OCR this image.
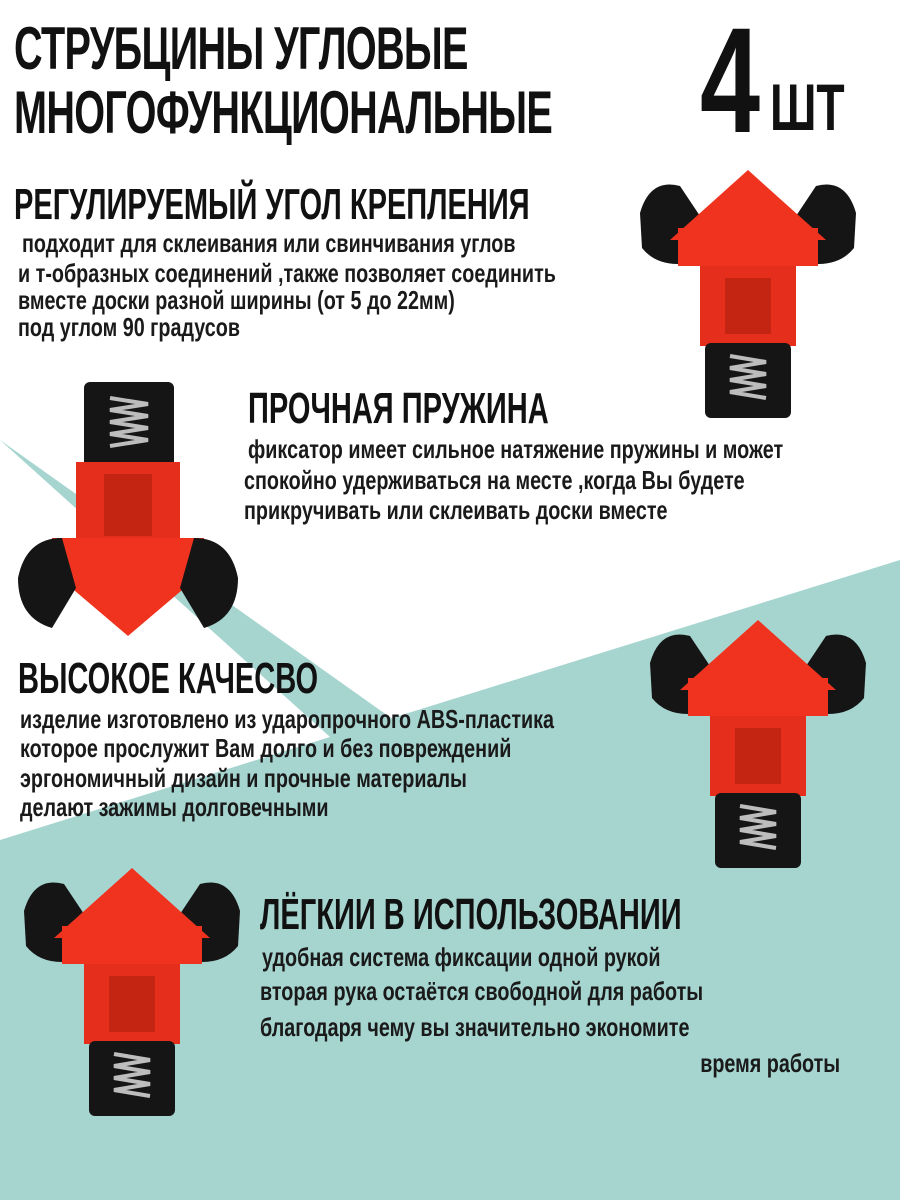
СТРУБЦИНЫ УГЛОВЫЕ
МНОГОФУНКЦИОНАЛЬНЫЕ 4 ШТ
РЕГУЛИРУЕМЫЙ УГОЛ КРЕПЛЕНИЯ
подходит для склеивания или свинчивания углов
и т-образных соединений ,также позволяет соединить
вместе доски разной ширины (от 5 до 22мм)
под углом 90 градусов
ПРОЧНАЯ ПРУЖИНА
фиксатор имеет сильное натяжение пружины и может
спокойно удерживаться на месте ,когда Вы будете
прикручивать или склеивать доски вместе
ВЫСОКОЕ КАЧЕСВО
изделие изготовлено из ударопрочного ABS-пластика
которое прослужит Вам долго и без повреждений
эргономичный дизайн и прочные материалы
делают зажимы долговечными
ЛЁГКИИ В ИСПОЛЬЗОВАНИИ
удобная система фиксации одной рукой
вторая рука остаётся свободной для работы
благодаря чему вы значительно экономите
время работы
